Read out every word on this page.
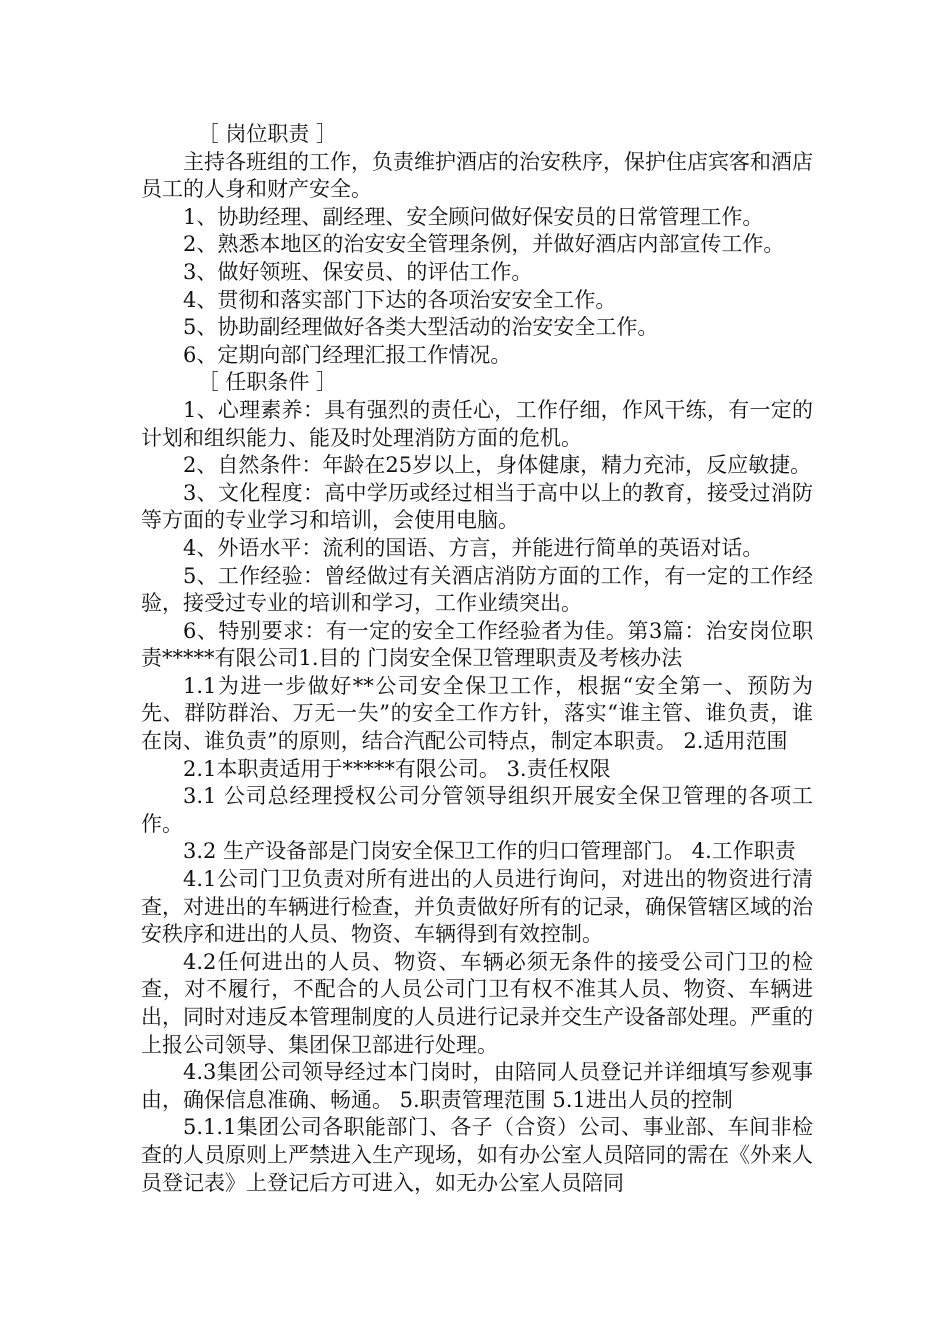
［ 岗位职责 ］

主持各班组的工作，负责维护酒店的治安秩序，保护住店宾客和酒店员工的人身和财产安全。

1、协助经理、副经理、安全顾问做好保安员的日常管理工作。

2、熟悉本地区的治安安全管理条例，并做好酒店内部宣传工作。

3、做好领班、保安员、的评估工作。

4、贯彻和落实部门下达的各项治安安全工作。

5、协助副经理做好各类大型活动的治安安全工作。

6、定期向部门经理汇报工作情况。

［ 任职条件 ］

1、心理素养：具有强烈的责任心，工作仔细，作风干练，有一定的计划和组织能力、能及时处理消防方面的危机。

2、自然条件：年龄在25岁以上，身体健康，精力充沛，反应敏捷。

3、文化程度：高中学历或经过相当于高中以上的教育，接受过消防等方面的专业学习和培训，会使用电脑。

4、外语水平：流利的国语、方言，并能进行简单的英语对话。

5、工作经验：曾经做过有关酒店消防方面的工作，有一定的工作经验，接受过专业的培训和学习，工作业绩突出。

6、特别要求：有一定的安全工作经验者为佳。第3篇：治安岗位职责*****有限公司1.目的 门岗安全保卫管理职责及考核办法

1.1为进一步做好**公司安全保卫工作，根据“安全第一、预防为先、群防群治、万无一失”的安全工作方针，落实“谁主管、谁负责，谁在岗、谁负责”的原则，结合汽配公司特点，制定本职责。 2.适用范围

2.1本职责适用于*****有限公司。 3.责任权限

3.1 公司总经理授权公司分管领导组织开展安全保卫管理的各项工作。

3.2 生产设备部是门岗安全保卫工作的归口管理部门。 4.工作职责

4.1公司门卫负责对所有进出的人员进行询问，对进出的物资进行清查，对进出的车辆进行检查，并负责做好所有的记录，确保管辖区域的治安秩序和进出的人员、物资、车辆得到有效控制。

4.2任何进出的人员、物资、车辆必须无条件的接受公司门卫的检查，对不履行，不配合的人员公司门卫有权不准其人员、物资、车辆进出，同时对违反本管理制度的人员进行记录并交生产设备部处理。严重的上报公司领导、集团保卫部进行处理。

4.3集团公司领导经过本门岗时，由陪同人员登记并详细填写参观事由，确保信息准确、畅通。 5.职责管理范围 5.1进出人员的控制

5.1.1集团公司各职能部门、各子（合资）公司、事业部、车间非检查的人员原则上严禁进入生产现场，如有办公室人员陪同的需在《外来人员登记表》上登记后方可进入，如无办公室人员陪同
